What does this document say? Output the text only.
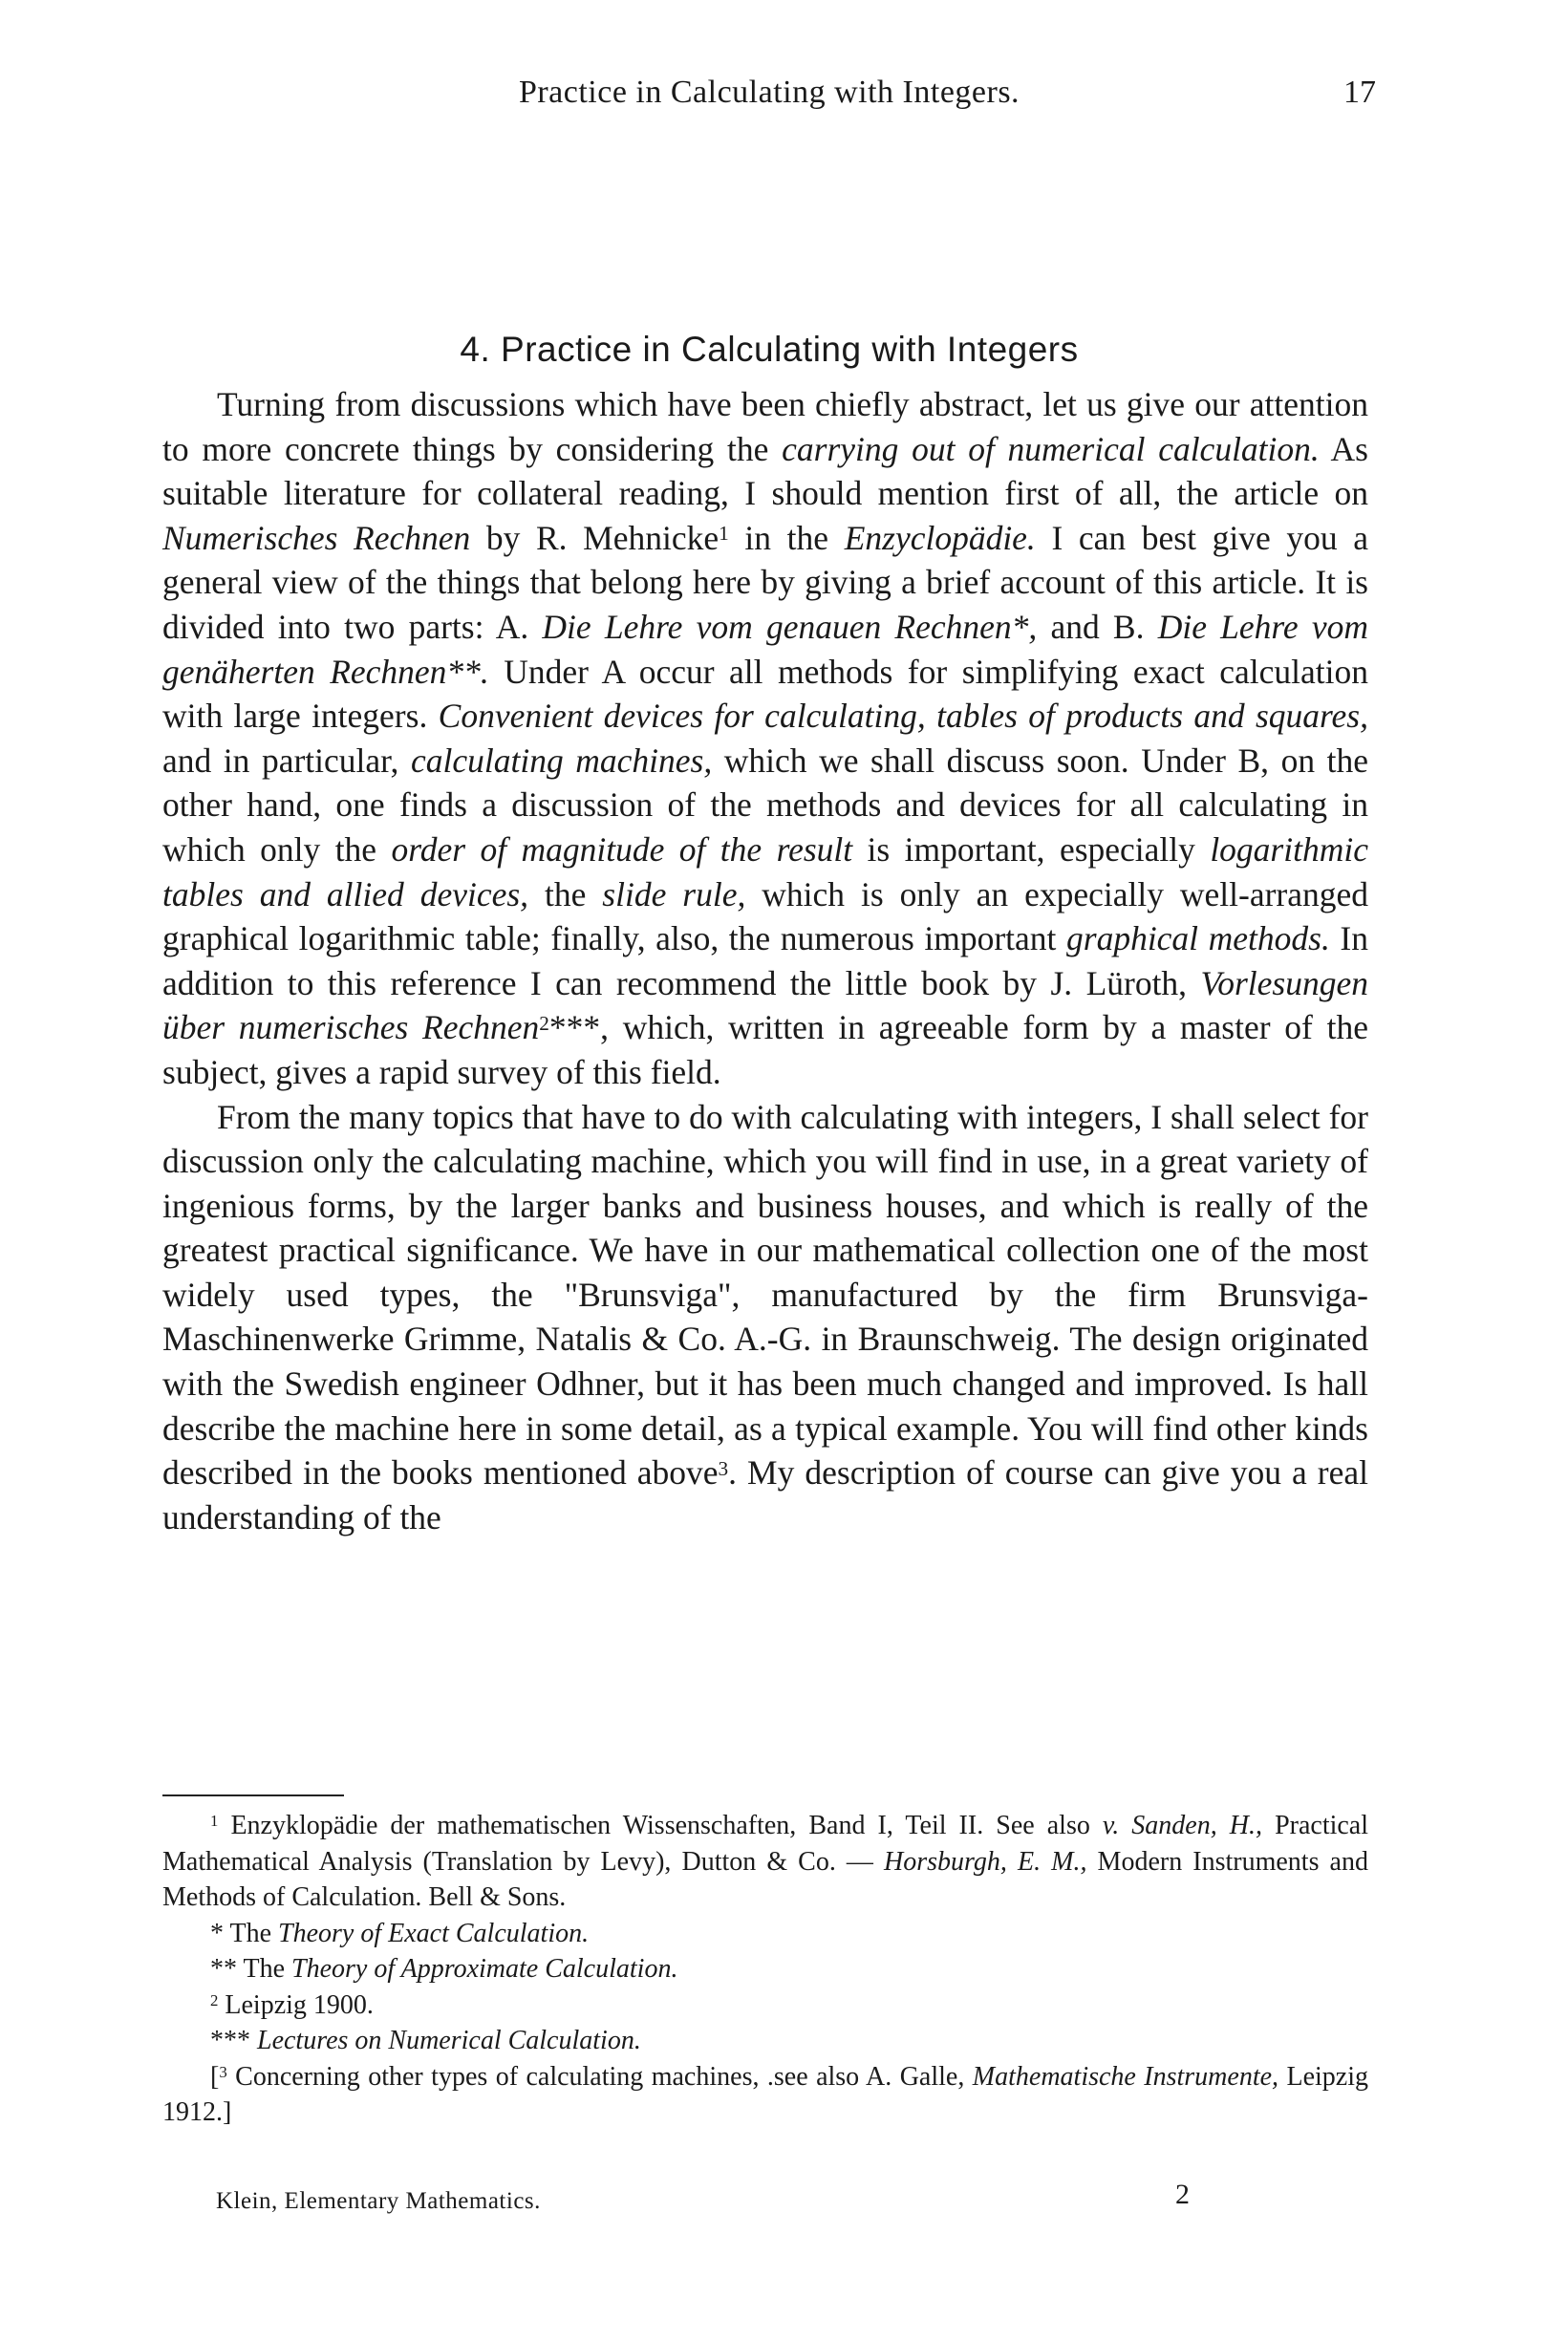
Practice in Calculating with Integers.	17
4. Practice in Calculating with Integers

Turning from discussions which have been chiefly abstract, let us give our attention to more concrete things by considering the carrying out of numerical calculation. As suitable literature for collateral reading, I should mention first of all, the article on Numerisches Rechnen by R. Mehnicke$^1$ in the Enzyclopädie. I can best give you a general view of the things that belong here by giving a brief account of this article. It is divided into two parts: A. Die Lehre vom genauen Rechnen*, and B. Die Lehre vom genäherten Rechnen**. Under A occur all methods for simplifying exact calculation with large integers. Convenient devices for calculating, tables of products and squares, and in particular, calculating machines, which we shall discuss soon. Under B, on the other hand, one finds a discussion of the methods and devices for all calculating in which only the order of magnitude of the result is important, especially logarithmic tables and allied devices, the slide rule, which is only an expecially well-arranged graphical logarithmic table; finally, also, the numerous important graphical methods. In addition to this reference I can recommend the little book by J. Lüroth, Vorlesungen über numerisches Rechnen$^2$***, which, written in agreeable form by a master of the subject, gives a rapid survey of this field.

From the many topics that have to do with calculating with integers, I shall select for discussion only the calculating machine, which you will find in use, in a great variety of ingenious forms, by the larger banks and business houses, and which is really of the greatest practical significance. We have in our mathematical collection one of the most widely used types, the "Brunsviga", manufactured by the firm Brunsviga-Maschinenwerke Grimme, Natalis & Co. A.-G. in Braunschweig. The design originated with the Swedish engineer Odhner, but it has been much changed and improved. Is hall describe the machine here in some detail, as a typical example. You will find other kinds described in the books mentioned above$^3$. My description of course can give you a real understanding of the

$^1$ Enzyklopädie der mathematischen Wissenschaften, Band I, Teil II. See also v. Sanden, H., Practical Mathematical Analysis (Translation by Levy), Dutton & Co. — Horsburgh, E. M., Modern Instruments and Methods of Calculation. Bell & Sons.

* The Theory of Exact Calculation.

** The Theory of Approximate Calculation.

$^2$ Leipzig 1900.

*** Lectures on Numerical Calculation.

[$^3$ Concerning other types of calculating machines, .see also A. Galle, Mathematische Instrumente, Leipzig 1912.]

Klein, Elementary Mathematics.	2
